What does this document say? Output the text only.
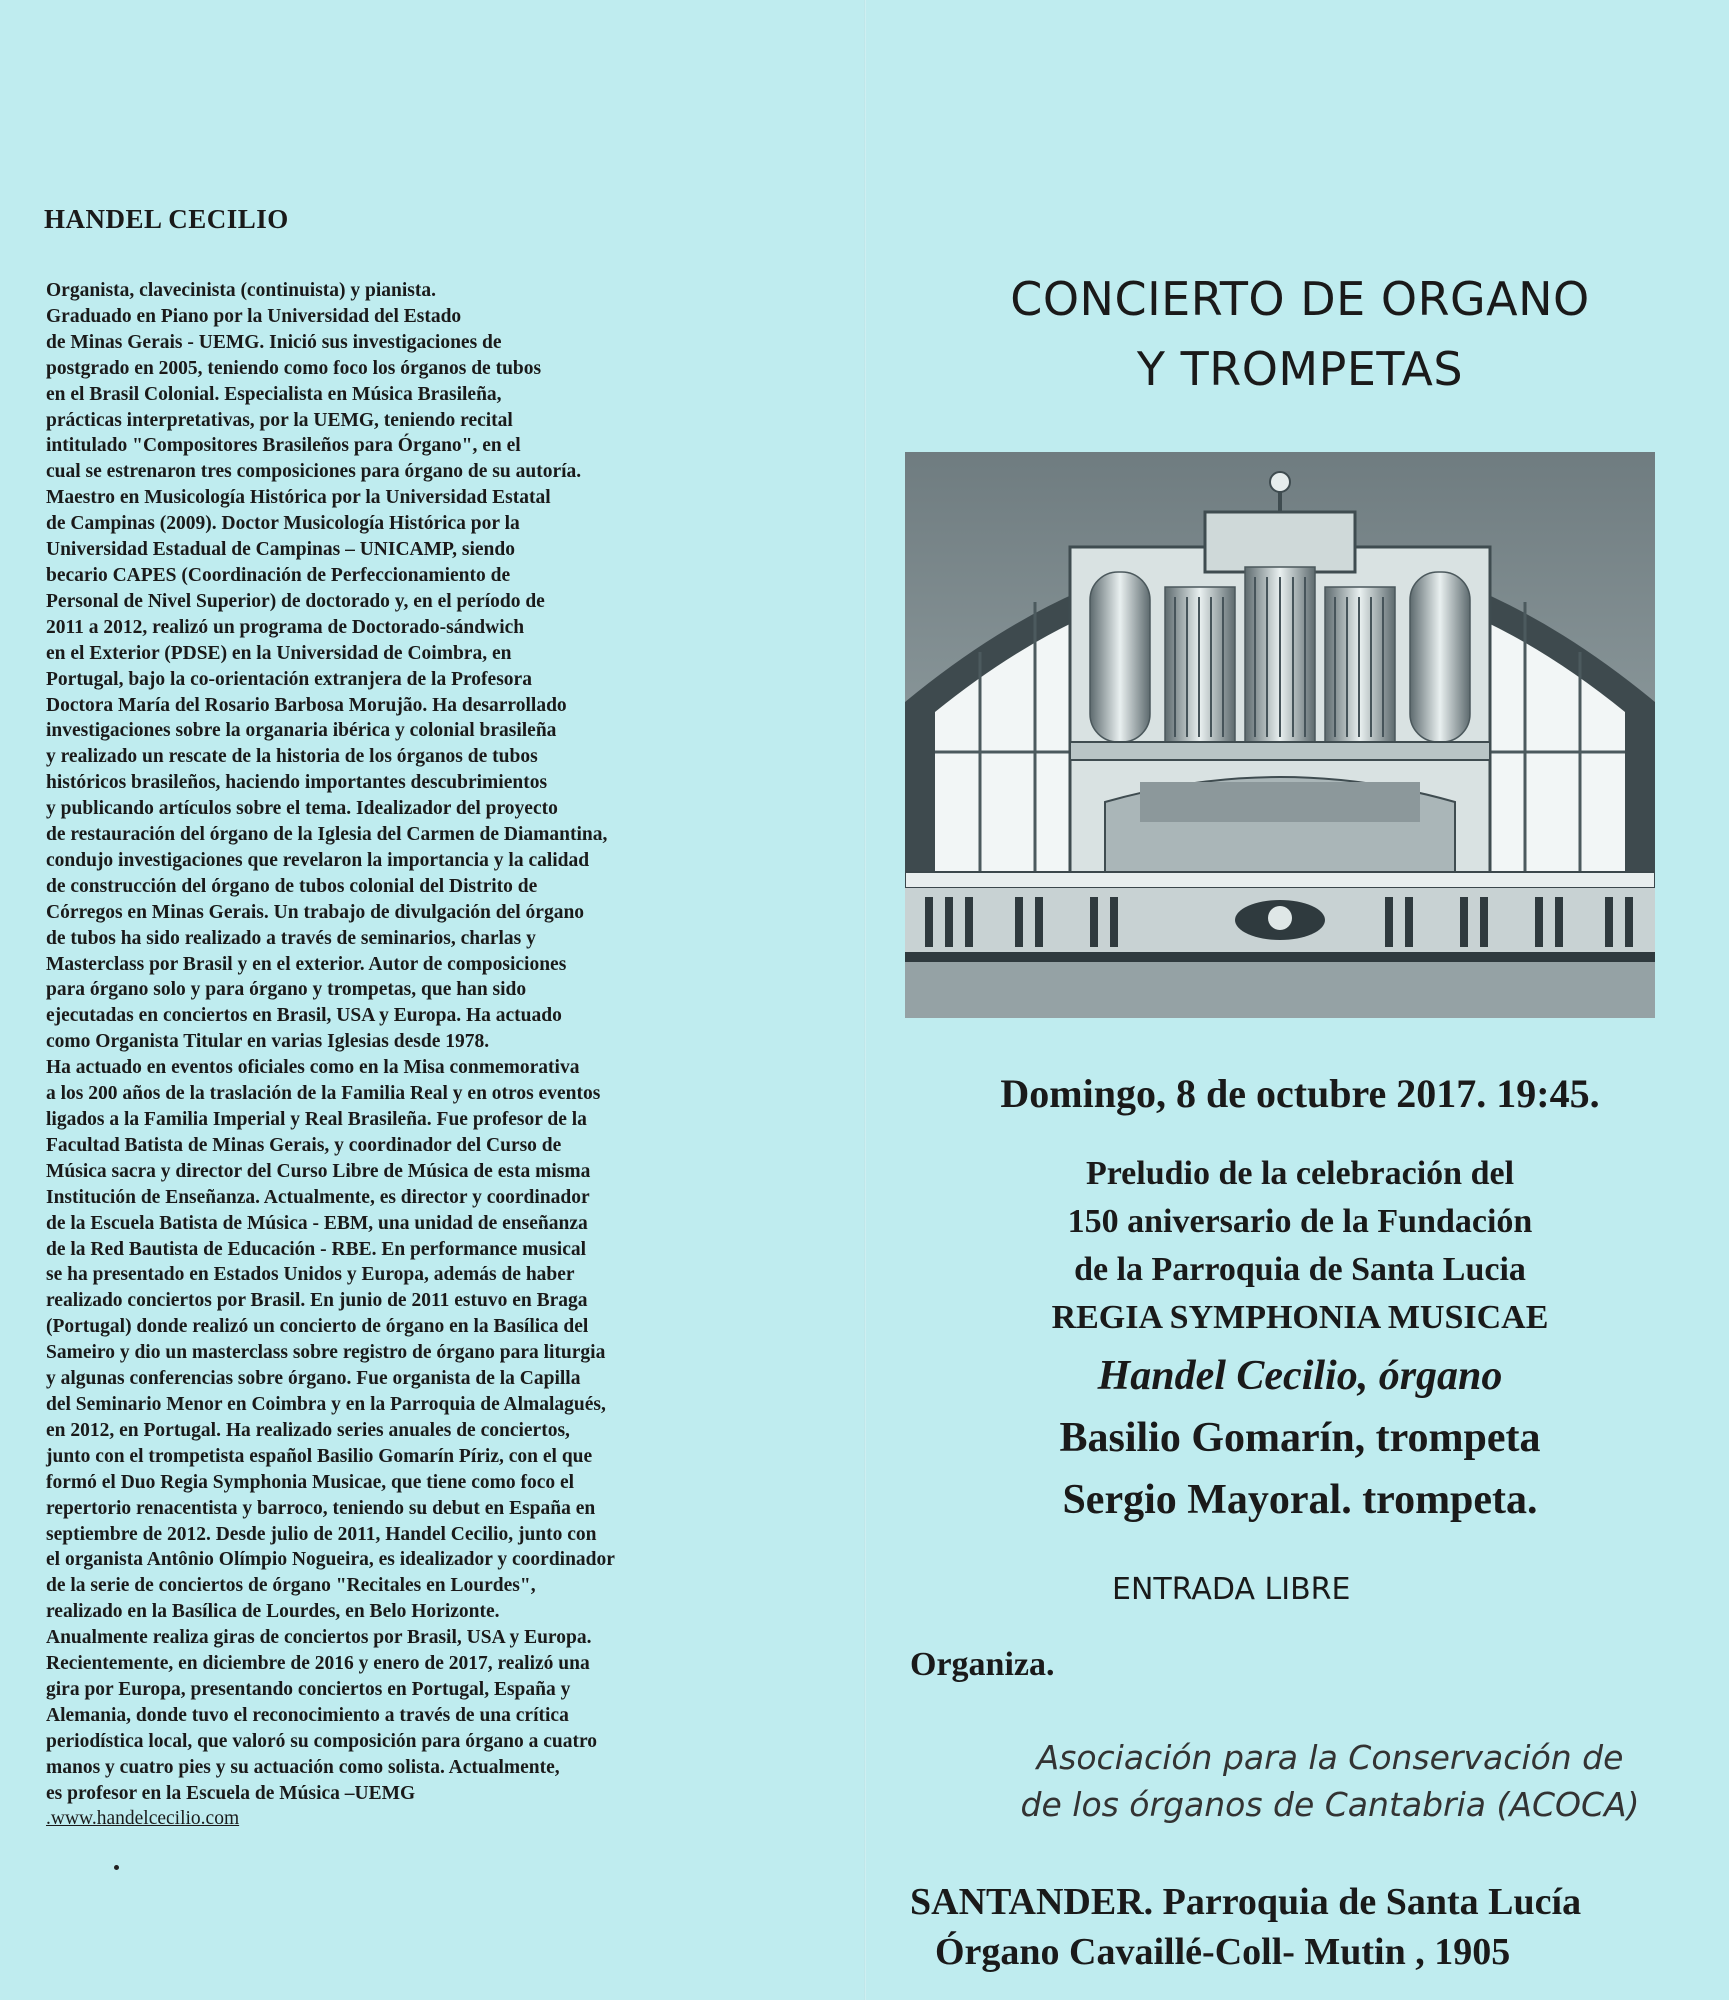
HANDEL CECILIO
Organista, clavecinista (continuista) y pianista.
Graduado en Piano por la Universidad del Estado
de Minas Gerais - UEMG. Inició sus investigaciones de
postgrado en 2005, teniendo como foco los órganos de tubos
en el Brasil Colonial. Especialista en Música Brasileña,
prácticas interpretativas, por la UEMG, teniendo recital
intitulado "Compositores Brasileños para Órgano", en el
cual se estrenaron tres composiciones para órgano de su autoría.
Maestro en Musicología Histórica por la Universidad Estatal
de Campinas (2009). Doctor Musicología Histórica por la
Universidad Estadual de Campinas – UNICAMP, siendo
becario CAPES (Coordinación de Perfeccionamiento de
Personal de Nivel Superior) de doctorado y, en el período de
2011 a 2012, realizó un programa de Doctorado-sándwich
en el Exterior (PDSE) en la Universidad de Coimbra, en
Portugal, bajo la co-orientación extranjera de la Profesora
Doctora María del Rosario Barbosa Morujão. Ha desarrollado
investigaciones sobre la organaria ibérica y colonial brasileña
y realizado un rescate de la historia de los órganos de tubos
históricos brasileños, haciendo importantes descubrimientos
y publicando artículos sobre el tema. Idealizador del proyecto
de restauración del órgano de la Iglesia del Carmen de Diamantina,
condujo investigaciones que revelaron la importancia y la calidad
de construcción del órgano de tubos colonial del Distrito de
Córregos en Minas Gerais. Un trabajo de divulgación del órgano
de tubos ha sido realizado a través de seminarios, charlas y
Masterclass por Brasil y en el exterior. Autor de composiciones
para órgano solo y para órgano y trompetas, que han sido
ejecutadas en conciertos en Brasil, USA y Europa. Ha actuado
como Organista Titular en varias Iglesias desde 1978.
Ha actuado en eventos oficiales como en la Misa conmemorativa
a los 200 años de la traslación de la Familia Real y en otros eventos
ligados a la Familia Imperial y Real Brasileña. Fue profesor de la
Facultad Batista de Minas Gerais, y coordinador del Curso de
Música sacra y director del Curso Libre de Música de esta misma
Institución de Enseñanza. Actualmente, es director y coordinador
de la Escuela Batista de Música - EBM, una unidad de enseñanza
de la Red Bautista de Educación - RBE. En performance musical
se ha presentado en Estados Unidos y Europa, además de haber
realizado conciertos por Brasil. En junio de 2011 estuvo en Braga
(Portugal) donde realizó un concierto de órgano en la Basílica del
Sameiro y dio un masterclass sobre registro de órgano para liturgia
y algunas conferencias sobre órgano. Fue organista de la Capilla
del Seminario Menor en Coimbra y en la Parroquia de Almalagués,
en 2012, en Portugal. Ha realizado series anuales de conciertos,
junto con el trompetista español Basilio Gomarín Píriz, con el que
formó el Duo Regia Symphonia Musicae, que tiene como foco el
repertorio renacentista y barroco, teniendo su debut en España en
septiembre de 2012. Desde julio de 2011, Handel Cecilio, junto con
el organista Antônio Olímpio Nogueira, es idealizador y coordinador
de la serie de conciertos de órgano "Recitales en Lourdes",
realizado en la Basílica de Lourdes, en Belo Horizonte.
Anualmente realiza giras de conciertos por Brasil, USA y Europa.
Recientemente, en diciembre de 2016 y enero de 2017, realizó una
gira por Europa, presentando conciertos en Portugal, España y
Alemania, donde tuvo el reconocimiento a través de una crítica
periodística local, que valoró su composición para órgano a cuatro
manos y cuatro pies y su actuación como solista. Actualmente,
es profesor en la Escuela de Música –UEMG
.www.handelcecilio.com
CONCIERTO DE ORGANO
Y TROMPETAS

Domingo, 8 de octubre 2017. 19:45.

Preludio de la celebración del

150 aniversario de la Fundación

de la Parroquia de Santa Lucia

REGIA SYMPHONIA MUSICAE

Handel Cecilio, órgano

Basilio Gomarín, trompeta

Sergio Mayoral. trompeta.

ENTRADA LIBRE

Organiza.

Asociación para la Conservación de

de los órganos de Cantabria (ACOCA)

SANTANDER. Parroquia de Santa Lucía

Órgano Cavaillé-Coll- Mutin , 1905
